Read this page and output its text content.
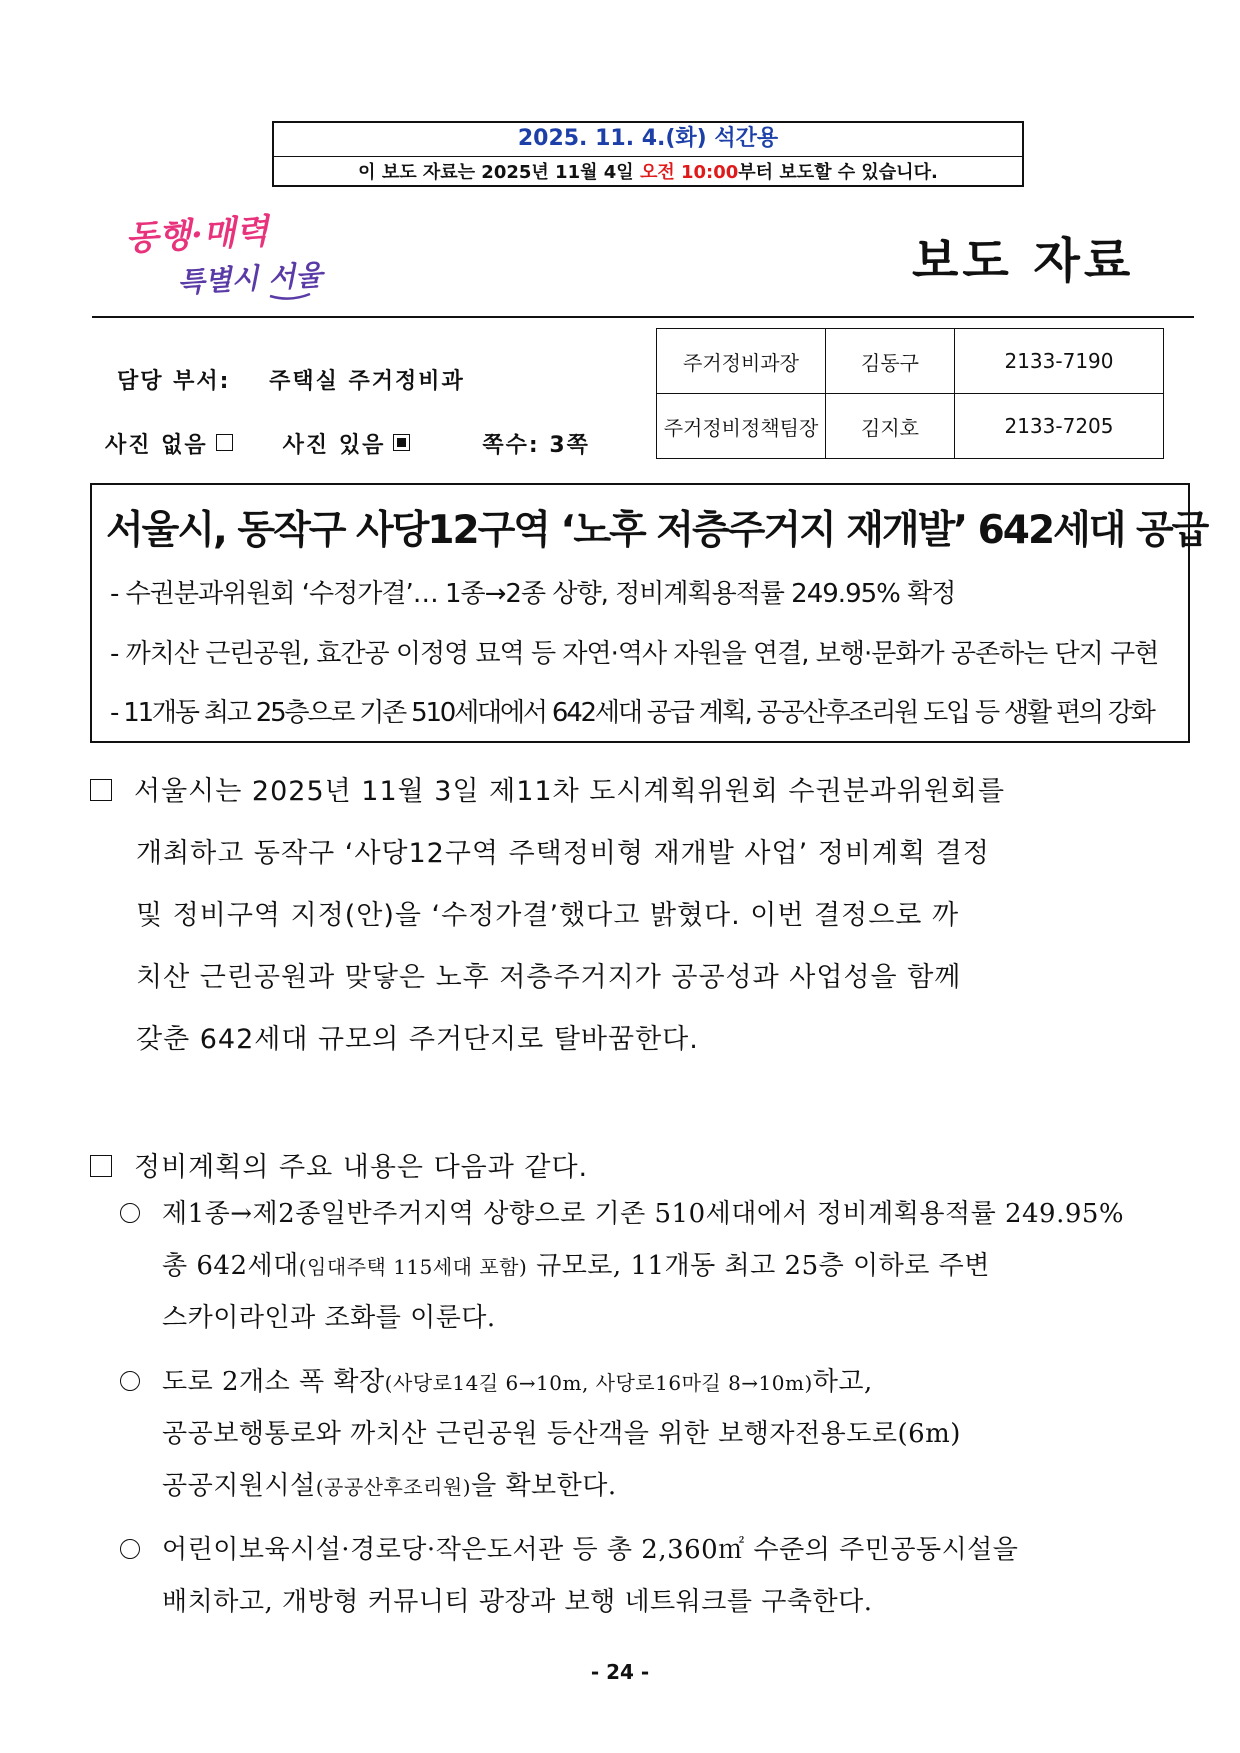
2025. 11. 4.(화) 석간용
이 보도 자료는 2025년 11월 4일 오전 10:00부터 보도할 수 있습니다.
동행·매력
특별시 서울	보도 자료
담당 부서: 주택실 주거정비과
사진 없음	사진 있음	쪽수:
3쪽
주거정비과장	김동구	2133-7190
주거정비정책팀장	김지호	2133-7205
서울시, 동작구 사당12구역 ‘노후 저층주거지 재개발’ 642세대 공급
- 수권분과위원회 ‘수정가결’… 1종→2종 상향, 정비계획용적률 249.95% 확정
- 까치산 근린공원, 효간공 이정영 묘역 등 자연·역사 자원을 연결, 보행·문화가 공존하는 단지 구현
- 11개동 최고 25층으로 기존 510세대에서 642세대 공급 계획, 공공산후조리원 도입 등 생활 편의 강화
서울시는 2025년 11월 3일 제11차 도시계획위원회 수권분과위원회를
개최하고 동작구 ‘사당12구역 주택정비형 재개발 사업’ 정비계획 결정
및 정비구역 지정(안)을 ‘수정가결’했다고 밝혔다. 이번 결정으로 까
치산 근린공원과 맞닿은 노후 저층주거지가 공공성과 사업성을 함께
갖춘 642세대 규모의 주거단지로 탈바꿈한다.
정비계획의 주요 내용은 다음과 같다.
제1종→제2종일반주거지역 상향으로 기존 510세대에서 정비계획용적률 249.95%
총 642세대(임대주택 115세대 포함) 규모로, 11개동 최고 25층 이하로 주변
스카이라인과 조화를 이룬다.
도로 2개소 폭 확장(사당로14길 6→10m, 사당로16마길 8→10m)하고,
공공보행통로와 까치산 근린공원 등산객을 위한 보행자전용도로(6m)
공공지원시설(공공산후조리원)을 확보한다.
어린이보육시설·경로당·작은도서관 등 총 2,360㎡ 수준의 주민공동시설을
배치하고, 개방형 커뮤니티 광장과 보행 네트워크를 구축한다.
- 24 -
